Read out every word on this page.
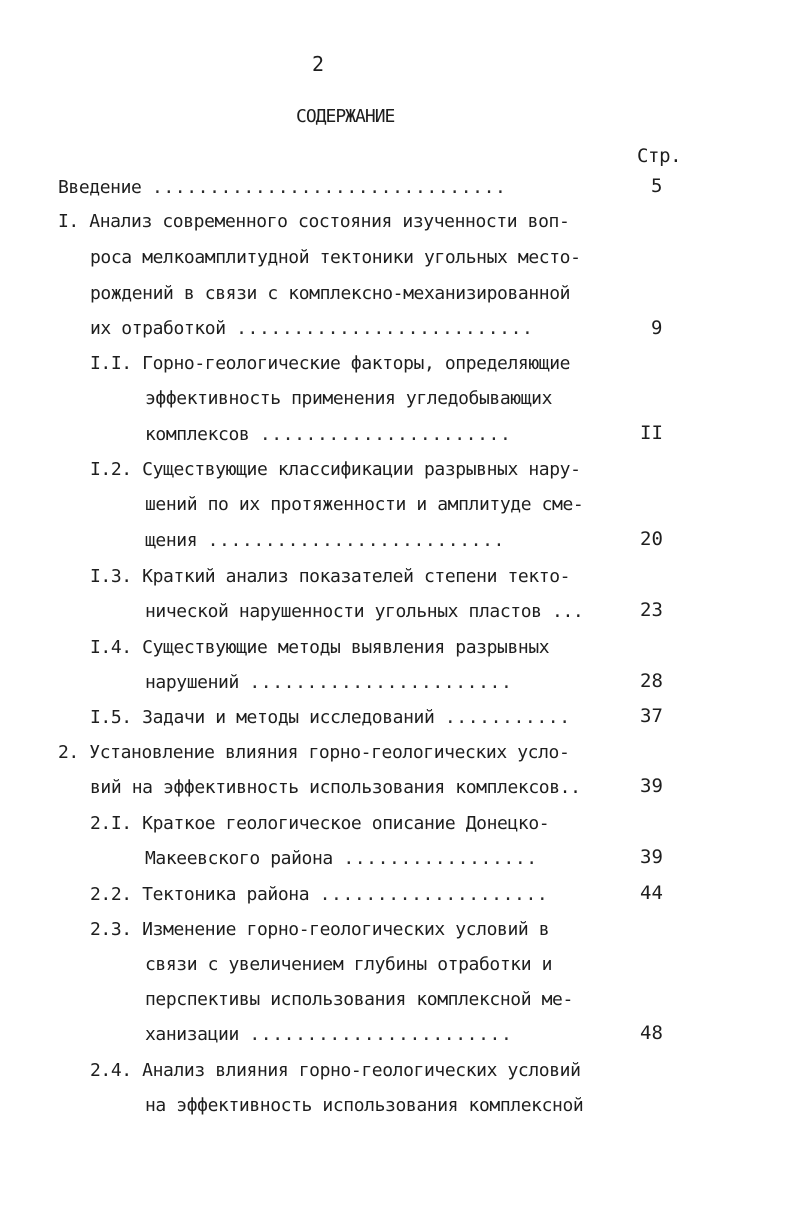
2
СОДЕРЖАНИЕ
Стр.
Введение ...............................	5
I. Анализ современного состояния изученности воп-
роса мелкоамплитудной тектоники угольных место-
рождений в связи с комплексно-механизированной
их отработкой ..........................	9
I.I. Горно-геологические факторы, определяющие
эффективность применения угледобывающих
комплексов ......................	II
I.2. Существующие классификации разрывных нару-
шений по их протяженности и амплитуде сме-
щения ..........................	20
I.3. Краткий анализ показателей степени текто-
нической нарушенности угольных пластов ...	23
I.4. Существующие методы выявления разрывных
нарушений .......................	28
I.5. Задачи и методы исследований ...........	37
2. Установление влияния горно-геологических усло-
вий на эффективность использования комплексов..	39
2.I. Краткое геологическое описание Донецко-
Макеевского района .................	39
2.2. Тектоника района ....................	44
2.3. Изменение горно-геологических условий в
связи с увеличением глубины отработки и
перспективы использования комплексной ме-
ханизации .......................	48
2.4. Анализ влияния горно-геологических условий
на эффективность использования комплексной
